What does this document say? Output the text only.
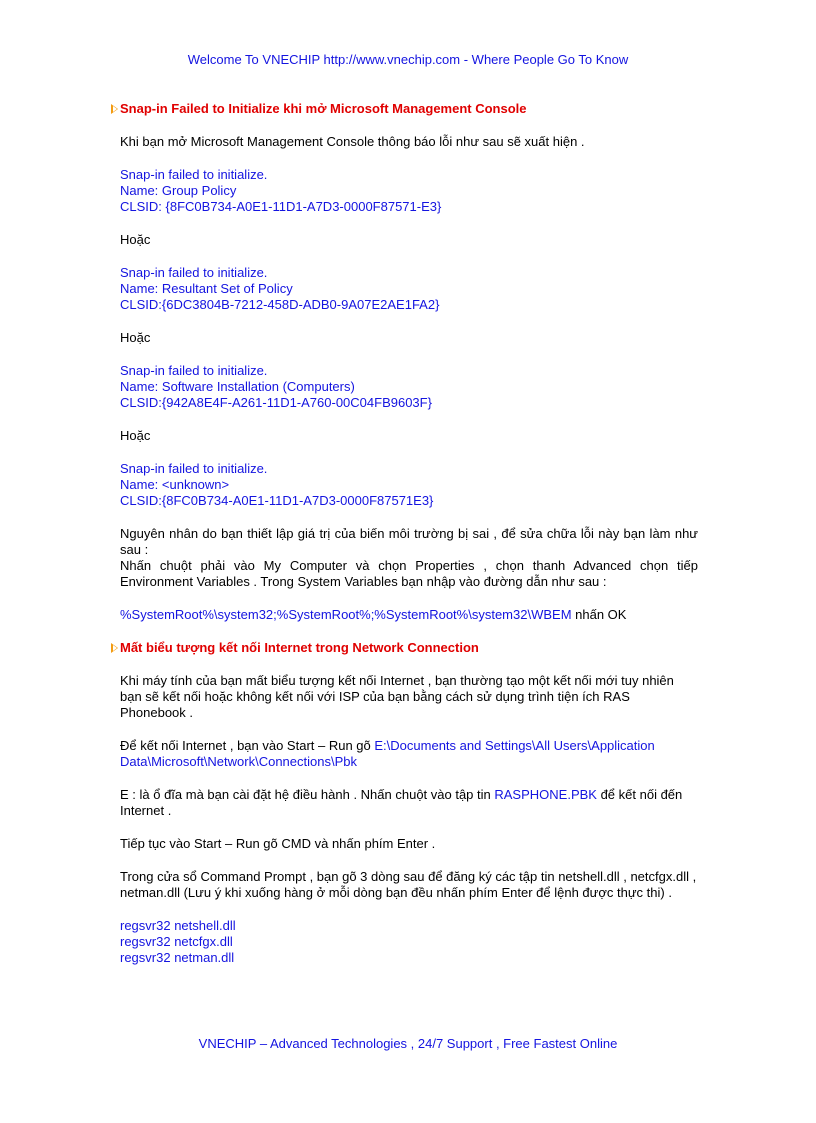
Welcome To VNECHIP http://www.vnechip.com - Where People Go To Know
Snap-in Failed to Initialize khi mở Microsoft Management Console

Khi bạn mở Microsoft Management Console thông báo lỗi như sau sẽ xuất hiện .

Snap-in failed to initialize.
Name: Group Policy
CLSID: {8FC0B734-A0E1-11D1-A7D3-0000F87571-E3}

Hoặc

Snap-in failed to initialize.
Name: Resultant Set of Policy
CLSID:{6DC3804B-7212-458D-ADB0-9A07E2AE1FA2}

Hoặc

Snap-in failed to initialize.
Name: Software Installation (Computers)
CLSID:{942A8E4F-A261-11D1-A760-00C04FB9603F}

Hoặc

Snap-in failed to initialize.
Name: <unknown>
CLSID:{8FC0B734-A0E1-11D1-A7D3-0000F87571E3}

Nguyên nhân do bạn thiết lập giá trị của biến môi trường bị sai , để sửa chữa lỗi này bạn làm như sau :

Nhấn chuột phải vào My Computer và chọn Properties , chọn thanh Advanced chọn tiếp Environment Variables . Trong System Variables bạn nhập vào đường dẫn như sau :

%SystemRoot%\system32;%SystemRoot%;%SystemRoot%\system32\WBEM nhấn OK

Mất biểu tượng kết nối Internet trong Network Connection

Khi máy tính của bạn mất biểu tượng kết nối Internet , bạn thường tạo một kết nối mới tuy nhiên bạn sẽ kết nối hoặc không kết nối với ISP của bạn bằng cách sử dụng trình tiện ích RAS Phonebook .

Để kết nối Internet , bạn vào Start – Run gõ E:\Documents and Settings\All Users\Application Data\Microsoft\Network\Connections\Pbk

E : là ổ đĩa mà bạn cài đặt hệ điều hành . Nhấn chuột vào tập tin RASPHONE.PBK để kết nối đến Internet .

Tiếp tục vào Start – Run gõ CMD và nhấn phím Enter .

Trong cửa sổ Command Prompt , bạn gõ 3 dòng sau để đăng ký các tập tin netshell.dll , netcfgx.dll , netman.dll (Lưu ý khi xuống hàng ở mỗi dòng bạn đều nhấn phím Enter để lệnh được thực thi) .

regsvr32 netshell.dll
regsvr32 netcfgx.dll
regsvr32 netman.dll
VNECHIP – Advanced Technologies , 24/7 Support , Free Fastest Online
